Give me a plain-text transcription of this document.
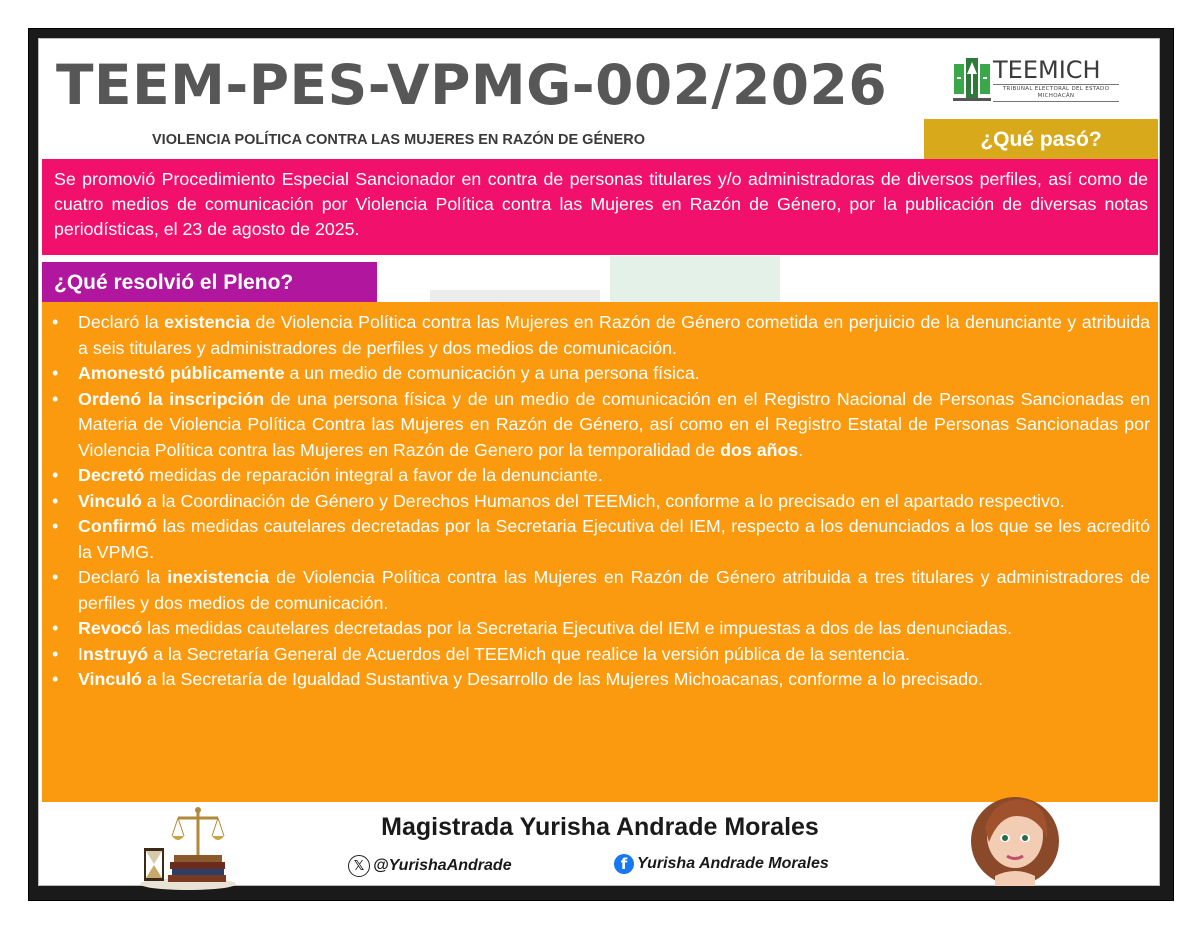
TEEM-PES-VPMG-002/2026
VIOLENCIA POLÍTICA CONTRA LAS MUJERES EN RAZÓN DE GÉNERO
TEEMICH
TRIBUNAL ELECTORAL DEL ESTADO
MICHOACÁN
¿Qué pasó?
Se promovió Procedimiento Especial Sancionador en contra de personas titulares y/o administradoras de diversos perfiles, así como de cuatro medios de comunicación por Violencia Política contra las Mujeres en Razón de Género, por la publicación de diversas notas periodísticas, el 23 de agosto de 2025.
¿Qué resolvió el Pleno?
• Declaró la existencia de Violencia Política contra las Mujeres en Razón de Género cometida en perjuicio de la denunciante y atribuida a seis titulares y administradores de perfiles y dos medios de comunicación.
• Amonestó públicamente a un medio de comunicación y a una persona física.
• Ordenó la inscripción de una persona física y de un medio de comunicación en el Registro Nacional de Personas Sancionadas en Materia de Violencia Política Contra las Mujeres en Razón de Género, así como en el Registro Estatal de Personas Sancionadas por Violencia Política contra las Mujeres en Razón de Genero por la temporalidad de dos años.
• Decretó medidas de reparación integral a favor de la denunciante.
• Vinculó a la Coordinación de Género y Derechos Humanos del TEEMich, conforme a lo precisado en el apartado respectivo.
• Confirmó las medidas cautelares decretadas por la Secretaria Ejecutiva del IEM, respecto a los denunciados a los que se les acreditó la VPMG.
• Declaró la inexistencia de Violencia Política contra las Mujeres en Razón de Género atribuida a tres titulares y administradores de perfiles y dos medios de comunicación.
• Revocó las medidas cautelares decretadas por la Secretaria Ejecutiva del IEM e impuestas a dos de las denunciadas.
• Instruyó a la Secretaría General de Acuerdos del TEEMich que realice la versión pública de la sentencia.
• Vinculó a la Secretaría de Igualdad Sustantiva y Desarrollo de las Mujeres Michoacanas, conforme a lo precisado.
Magistrada Yurisha Andrade Morales
𝕏 @YurishaAndrade	f Yurisha Andrade Morales
